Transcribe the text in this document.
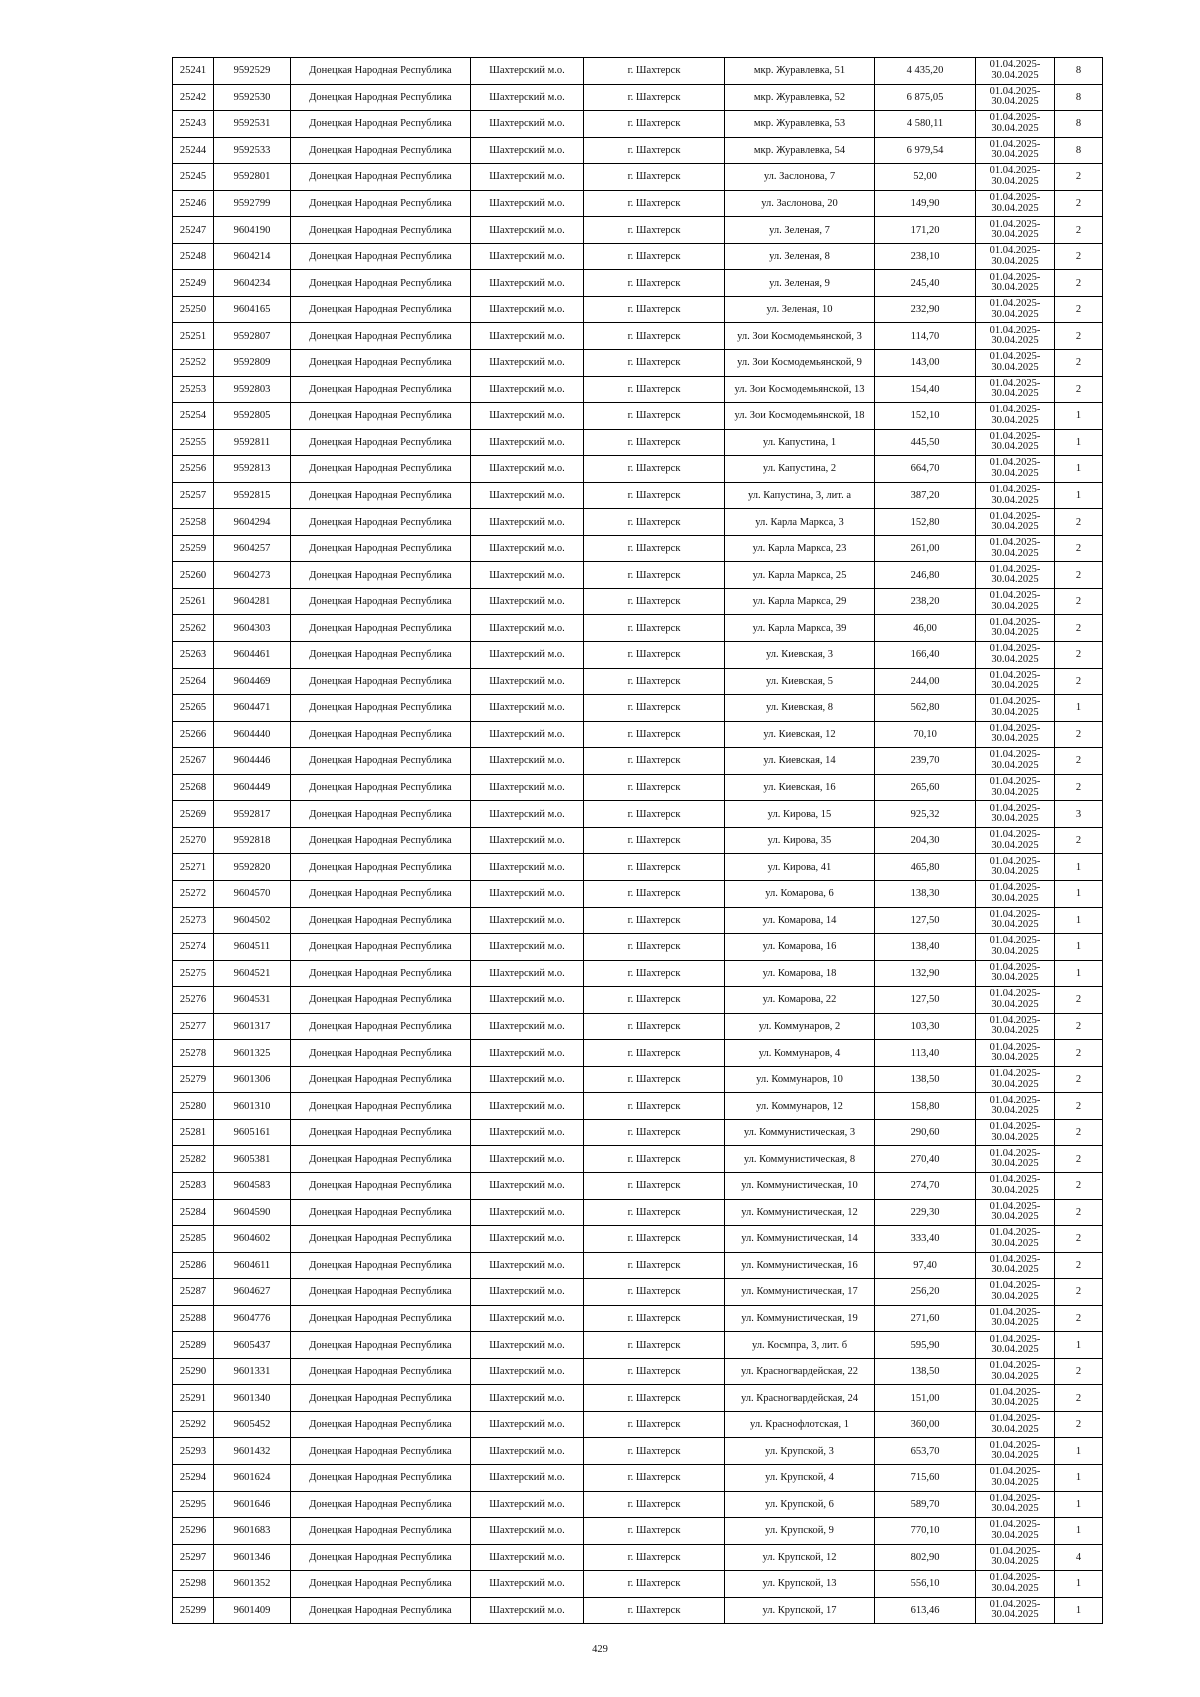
25241	9592529	Донецкая Народная Республика	Шахтерский м.о.	г. Шахтерск	мкр. Журавлевка, 51	4 435,20	01.04.2025-30.04.2025	8
25242	9592530	Донецкая Народная Республика	Шахтерский м.о.	г. Шахтерск	мкр. Журавлевка, 52	6 875,05	01.04.2025-30.04.2025	8
25243	9592531	Донецкая Народная Республика	Шахтерский м.о.	г. Шахтерск	мкр. Журавлевка, 53	4 580,11	01.04.2025-30.04.2025	8
25244	9592533	Донецкая Народная Республика	Шахтерский м.о.	г. Шахтерск	мкр. Журавлевка, 54	6 979,54	01.04.2025-30.04.2025	8
25245	9592801	Донецкая Народная Республика	Шахтерский м.о.	г. Шахтерск	ул. Заслонова, 7	52,00	01.04.2025-30.04.2025	2
25246	9592799	Донецкая Народная Республика	Шахтерский м.о.	г. Шахтерск	ул. Заслонова, 20	149,90	01.04.2025-30.04.2025	2
25247	9604190	Донецкая Народная Республика	Шахтерский м.о.	г. Шахтерск	ул. Зеленая, 7	171,20	01.04.2025-30.04.2025	2
25248	9604214	Донецкая Народная Республика	Шахтерский м.о.	г. Шахтерск	ул. Зеленая, 8	238,10	01.04.2025-30.04.2025	2
25249	9604234	Донецкая Народная Республика	Шахтерский м.о.	г. Шахтерск	ул. Зеленая, 9	245,40	01.04.2025-30.04.2025	2
25250	9604165	Донецкая Народная Республика	Шахтерский м.о.	г. Шахтерск	ул. Зеленая, 10	232,90	01.04.2025-30.04.2025	2
25251	9592807	Донецкая Народная Республика	Шахтерский м.о.	г. Шахтерск	ул. Зои Космодемьянской, 3	114,70	01.04.2025-30.04.2025	2
25252	9592809	Донецкая Народная Республика	Шахтерский м.о.	г. Шахтерск	ул. Зои Космодемьянской, 9	143,00	01.04.2025-30.04.2025	2
25253	9592803	Донецкая Народная Республика	Шахтерский м.о.	г. Шахтерск	ул. Зои Космодемьянской, 13	154,40	01.04.2025-30.04.2025	2
25254	9592805	Донецкая Народная Республика	Шахтерский м.о.	г. Шахтерск	ул. Зои Космодемьянской, 18	152,10	01.04.2025-30.04.2025	1
25255	9592811	Донецкая Народная Республика	Шахтерский м.о.	г. Шахтерск	ул. Капустина, 1	445,50	01.04.2025-30.04.2025	1
25256	9592813	Донецкая Народная Республика	Шахтерский м.о.	г. Шахтерск	ул. Капустина, 2	664,70	01.04.2025-30.04.2025	1
25257	9592815	Донецкая Народная Республика	Шахтерский м.о.	г. Шахтерск	ул. Капустина, 3, лит. а	387,20	01.04.2025-30.04.2025	1
25258	9604294	Донецкая Народная Республика	Шахтерский м.о.	г. Шахтерск	ул. Карла Маркса, 3	152,80	01.04.2025-30.04.2025	2
25259	9604257	Донецкая Народная Республика	Шахтерский м.о.	г. Шахтерск	ул. Карла Маркса, 23	261,00	01.04.2025-30.04.2025	2
25260	9604273	Донецкая Народная Республика	Шахтерский м.о.	г. Шахтерск	ул. Карла Маркса, 25	246,80	01.04.2025-30.04.2025	2
25261	9604281	Донецкая Народная Республика	Шахтерский м.о.	г. Шахтерск	ул. Карла Маркса, 29	238,20	01.04.2025-30.04.2025	2
25262	9604303	Донецкая Народная Республика	Шахтерский м.о.	г. Шахтерск	ул. Карла Маркса, 39	46,00	01.04.2025-30.04.2025	2
25263	9604461	Донецкая Народная Республика	Шахтерский м.о.	г. Шахтерск	ул. Киевская, 3	166,40	01.04.2025-30.04.2025	2
25264	9604469	Донецкая Народная Республика	Шахтерский м.о.	г. Шахтерск	ул. Киевская, 5	244,00	01.04.2025-30.04.2025	2
25265	9604471	Донецкая Народная Республика	Шахтерский м.о.	г. Шахтерск	ул. Киевская, 8	562,80	01.04.2025-30.04.2025	1
25266	9604440	Донецкая Народная Республика	Шахтерский м.о.	г. Шахтерск	ул. Киевская, 12	70,10	01.04.2025-30.04.2025	2
25267	9604446	Донецкая Народная Республика	Шахтерский м.о.	г. Шахтерск	ул. Киевская, 14	239,70	01.04.2025-30.04.2025	2
25268	9604449	Донецкая Народная Республика	Шахтерский м.о.	г. Шахтерск	ул. Киевская, 16	265,60	01.04.2025-30.04.2025	2
25269	9592817	Донецкая Народная Республика	Шахтерский м.о.	г. Шахтерск	ул. Кирова, 15	925,32	01.04.2025-30.04.2025	3
25270	9592818	Донецкая Народная Республика	Шахтерский м.о.	г. Шахтерск	ул. Кирова, 35	204,30	01.04.2025-30.04.2025	2
25271	9592820	Донецкая Народная Республика	Шахтерский м.о.	г. Шахтерск	ул. Кирова, 41	465,80	01.04.2025-30.04.2025	1
25272	9604570	Донецкая Народная Республика	Шахтерский м.о.	г. Шахтерск	ул. Комарова, 6	138,30	01.04.2025-30.04.2025	1
25273	9604502	Донецкая Народная Республика	Шахтерский м.о.	г. Шахтерск	ул. Комарова, 14	127,50	01.04.2025-30.04.2025	1
25274	9604511	Донецкая Народная Республика	Шахтерский м.о.	г. Шахтерск	ул. Комарова, 16	138,40	01.04.2025-30.04.2025	1
25275	9604521	Донецкая Народная Республика	Шахтерский м.о.	г. Шахтерск	ул. Комарова, 18	132,90	01.04.2025-30.04.2025	1
25276	9604531	Донецкая Народная Республика	Шахтерский м.о.	г. Шахтерск	ул. Комарова, 22	127,50	01.04.2025-30.04.2025	2
25277	9601317	Донецкая Народная Республика	Шахтерский м.о.	г. Шахтерск	ул. Коммунаров, 2	103,30	01.04.2025-30.04.2025	2
25278	9601325	Донецкая Народная Республика	Шахтерский м.о.	г. Шахтерск	ул. Коммунаров, 4	113,40	01.04.2025-30.04.2025	2
25279	9601306	Донецкая Народная Республика	Шахтерский м.о.	г. Шахтерск	ул. Коммунаров, 10	138,50	01.04.2025-30.04.2025	2
25280	9601310	Донецкая Народная Республика	Шахтерский м.о.	г. Шахтерск	ул. Коммунаров, 12	158,80	01.04.2025-30.04.2025	2
25281	9605161	Донецкая Народная Республика	Шахтерский м.о.	г. Шахтерск	ул. Коммунистическая, 3	290,60	01.04.2025-30.04.2025	2
25282	9605381	Донецкая Народная Республика	Шахтерский м.о.	г. Шахтерск	ул. Коммунистическая, 8	270,40	01.04.2025-30.04.2025	2
25283	9604583	Донецкая Народная Республика	Шахтерский м.о.	г. Шахтерск	ул. Коммунистическая, 10	274,70	01.04.2025-30.04.2025	2
25284	9604590	Донецкая Народная Республика	Шахтерский м.о.	г. Шахтерск	ул. Коммунистическая, 12	229,30	01.04.2025-30.04.2025	2
25285	9604602	Донецкая Народная Республика	Шахтерский м.о.	г. Шахтерск	ул. Коммунистическая, 14	333,40	01.04.2025-30.04.2025	2
25286	9604611	Донецкая Народная Республика	Шахтерский м.о.	г. Шахтерск	ул. Коммунистическая, 16	97,40	01.04.2025-30.04.2025	2
25287	9604627	Донецкая Народная Республика	Шахтерский м.о.	г. Шахтерск	ул. Коммунистическая, 17	256,20	01.04.2025-30.04.2025	2
25288	9604776	Донецкая Народная Республика	Шахтерский м.о.	г. Шахтерск	ул. Коммунистическая, 19	271,60	01.04.2025-30.04.2025	2
25289	9605437	Донецкая Народная Республика	Шахтерский м.о.	г. Шахтерск	ул. Космпра, 3, лит. б	595,90	01.04.2025-30.04.2025	1
25290	9601331	Донецкая Народная Республика	Шахтерский м.о.	г. Шахтерск	ул. Красногвардейская, 22	138,50	01.04.2025-30.04.2025	2
25291	9601340	Донецкая Народная Республика	Шахтерский м.о.	г. Шахтерск	ул. Красногвардейская, 24	151,00	01.04.2025-30.04.2025	2
25292	9605452	Донецкая Народная Республика	Шахтерский м.о.	г. Шахтерск	ул. Краснофлотская, 1	360,00	01.04.2025-30.04.2025	2
25293	9601432	Донецкая Народная Республика	Шахтерский м.о.	г. Шахтерск	ул. Крупской, 3	653,70	01.04.2025-30.04.2025	1
25294	9601624	Донецкая Народная Республика	Шахтерский м.о.	г. Шахтерск	ул. Крупской, 4	715,60	01.04.2025-30.04.2025	1
25295	9601646	Донецкая Народная Республика	Шахтерский м.о.	г. Шахтерск	ул. Крупской, 6	589,70	01.04.2025-30.04.2025	1
25296	9601683	Донецкая Народная Республика	Шахтерский м.о.	г. Шахтерск	ул. Крупской, 9	770,10	01.04.2025-30.04.2025	1
25297	9601346	Донецкая Народная Республика	Шахтерский м.о.	г. Шахтерск	ул. Крупской, 12	802,90	01.04.2025-30.04.2025	4
25298	9601352	Донецкая Народная Республика	Шахтерский м.о.	г. Шахтерск	ул. Крупской, 13	556,10	01.04.2025-30.04.2025	1
25299	9601409	Донецкая Народная Республика	Шахтерский м.о.	г. Шахтерск	ул. Крупской, 17	613,46	01.04.2025-30.04.2025	1
429
